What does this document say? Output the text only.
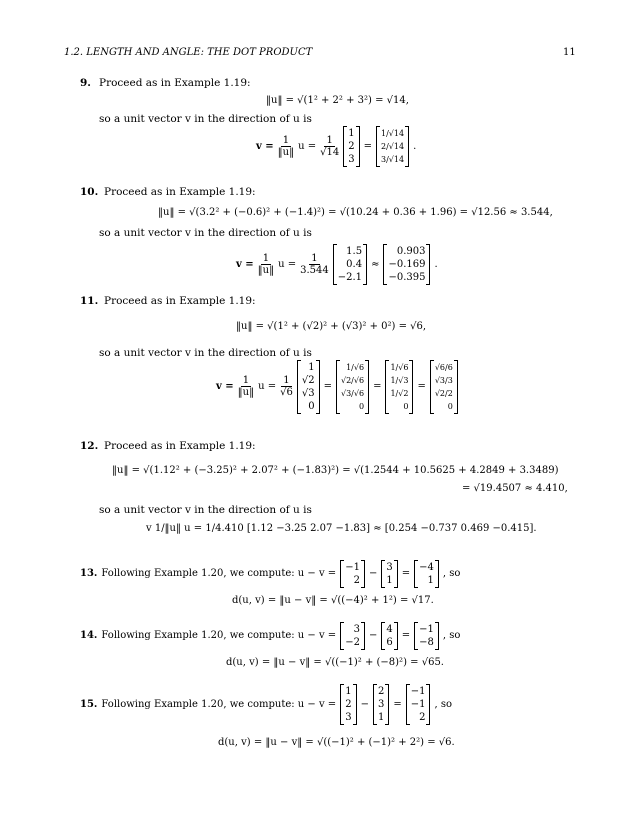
1.2. LENGTH AND ANGLE: THE DOT PRODUCT	11
9. Proceed as in Example 1.19:
‖u‖ = √(1² + 2² + 3²) = √14,
so a unit vector v in the direction of u is
$v = \frac{1}{‖u‖}$ $u = \frac{1}{√14}$
1
2
3
=
1/√14
2/√14
3/√14
.
10. Proceed as in Example 1.19:
‖u‖ = √(3.2² + (−0.6)² + (−1.4)²) = √(10.24 + 0.36 + 1.96) = √12.56 ≈ 3.544,
so a unit vector v in the direction of u is
$v = \frac{1}{‖u‖}$ $u = \frac{1}{3.544}$
1.5
0.4
−2.1
≈
0.903
−0.169
−0.395
.
11. Proceed as in Example 1.19:
‖u‖ = √(1² + (√2)² + (√3)² + 0²) = √6,
so a unit vector v in the direction of u is
$v = \frac{1}{‖u‖}$ $u = \frac{1}{√6}$
1
√2
√3
0
=
1/√6
√2/√6
√3/√6
0
=
1/√6
1/√3
1/√2
0
=
√6/6
√3/3
√2/2
0
12. Proceed as in Example 1.19:
‖u‖ = √(1.12² + (−3.25)² + 2.07² + (−1.83)²) = √(1.2544 + 10.5625 + 4.2849 + 3.3489)
= √19.4507 ≈ 4.410,
so a unit vector v in the direction of u is
v 1/‖u‖ u = 1/4.410 [1.12 −3.25 2.07 −1.83] ≈ [0.254 −0.737 0.469 −0.415].
13. Following Example 1.20, we compute: u − v =
−1
2
−
3
1
=
−4
1
, so
d(u, v) = ‖u − v‖ = √((−4)² + 1²) = √17.
14. Following Example 1.20, we compute: u − v =
3
−2
−
4
6
=
−1
−8
, so
d(u, v) = ‖u − v‖ = √((−1)² + (−8)²) = √65.
15. Following Example 1.20, we compute: u − v =
1
2
3
−
2
3
1
=
−1
−1
2
, so
d(u, v) = ‖u − v‖ = √((−1)² + (−1)² + 2²) = √6.
